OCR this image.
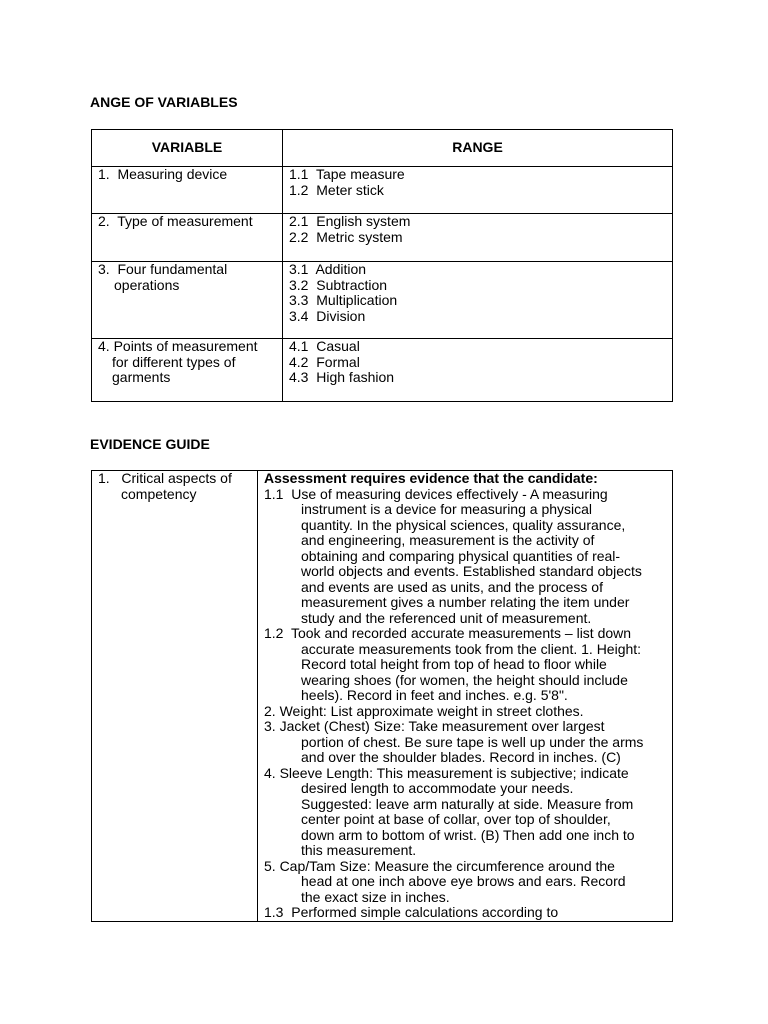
ANGE OF VARIABLES
VARIABLE	RANGE

1.  Measuring device	1.1  Tape measure
1.2  Meter stick

2.  Type of measurement	2.1  English system
2.2  Metric system

3.  Four fundamental
operations	3.1  Addition
3.2  Subtraction
3.3  Multiplication
3.4  Division

4. Points of measurement
for different types of
garments	4.1  Casual
4.2  Formal
4.3  High fashion
EVIDENCE GUIDE
1.   Critical aspects of
competency

Assessment requires evidence that the candidate:
1.1  Use of measuring devices effectively - A measuring
instrument is a device for measuring a physical
quantity. In the physical sciences, quality assurance,
and engineering, measurement is the activity of
obtaining and comparing physical quantities of real-
world objects and events. Established standard objects
and events are used as units, and the process of
measurement gives a number relating the item under
study and the referenced unit of measurement.
1.2  Took and recorded accurate measurements – list down
accurate measurements took from the client. 1. Height:
Record total height from top of head to floor while
wearing shoes (for women, the height should include
heels). Record in feet and inches. e.g. 5'8".
2. Weight: List approximate weight in street clothes.
3. Jacket (Chest) Size: Take measurement over largest
portion of chest. Be sure tape is well up under the arms
and over the shoulder blades. Record in inches. (C)
4. Sleeve Length: This measurement is subjective; indicate
desired length to accommodate your needs.
Suggested: leave arm naturally at side. Measure from
center point at base of collar, over top of shoulder,
down arm to bottom of wrist. (B) Then add one inch to
this measurement.
5. Cap/Tam Size: Measure the circumference around the
head at one inch above eye brows and ears. Record
the exact size in inches.
1.3  Performed simple calculations according to
